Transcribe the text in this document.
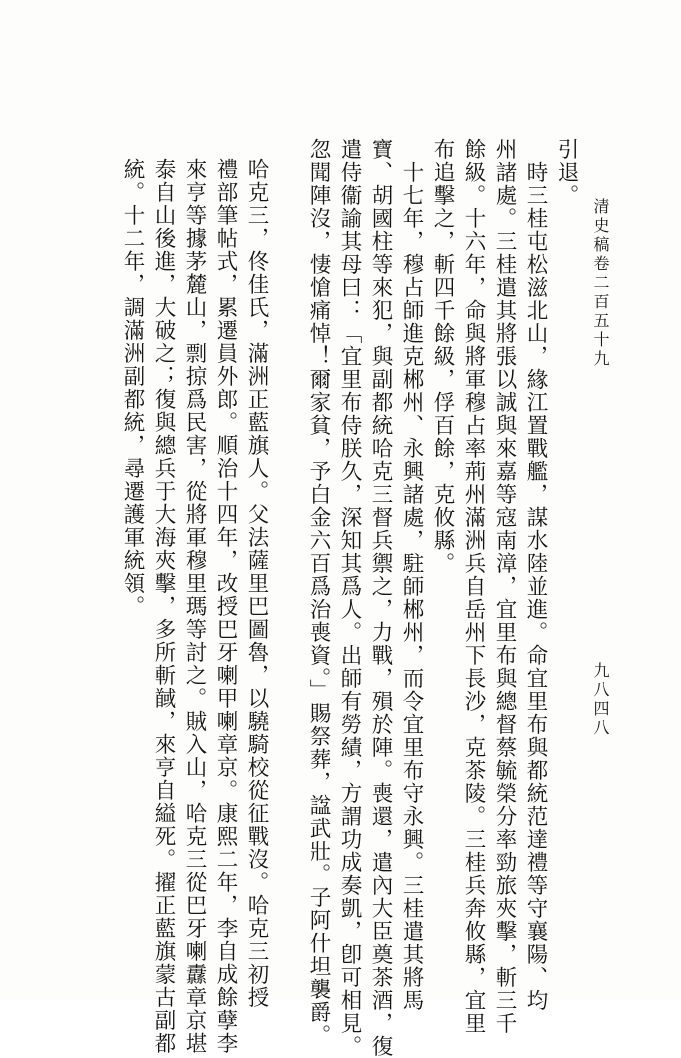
清史稿卷二百五十九
九八四八
引退。
　時三桂屯松滋北山，緣江置戰艦，謀水陸並進。命宜里布與都統范達禮等守襄陽、均
州諸處。三桂遣其將張以誠與來嘉等寇南漳，宜里布與總督蔡毓榮分率勁旅夾擊，斬三千
餘級。十六年，命與將軍穆占率荊州滿洲兵自岳州下長沙，克茶陵。三桂兵奔攸縣，宜里
布追擊之，斬四千餘級，俘百餘，克攸縣。
　十七年，穆占師進克郴州、永興諸處，駐師郴州，而令宜里布守永興。三桂遣其將馬
寶、胡國柱等來犯，與副都統哈克三督兵禦之，力戰，殞於陣。喪還，遣內大臣奠茶酒，復
遣侍衞諭其母曰：「宜里布侍朕久，深知其爲人。出師有勞績，方謂功成奏凱，卽可相見。
忽聞陣沒，悽愴痛悼！爾家貧，予白金六百爲治喪資。」賜祭葬，諡武壯。子阿什坦襲爵。
哈克三，佟佳氏，滿洲正藍旗人。父法薩里巴圖魯，以驍騎校從征戰沒。哈克三初授
禮部筆帖式，累遷員外郎。順治十四年，改授巴牙喇甲喇章京。康熙二年，李自成餘孽李
來亨等據茅麓山，剽掠爲民害，從將軍穆里瑪等討之。賊入山，哈克三從巴牙喇纛章京堪
泰自山後進，大破之；復與總兵于大海夾擊，多所斬馘，來亨自縊死。擢正藍旗蒙古副都
統。十二年，調滿洲副都統，尋遷護軍統領。
